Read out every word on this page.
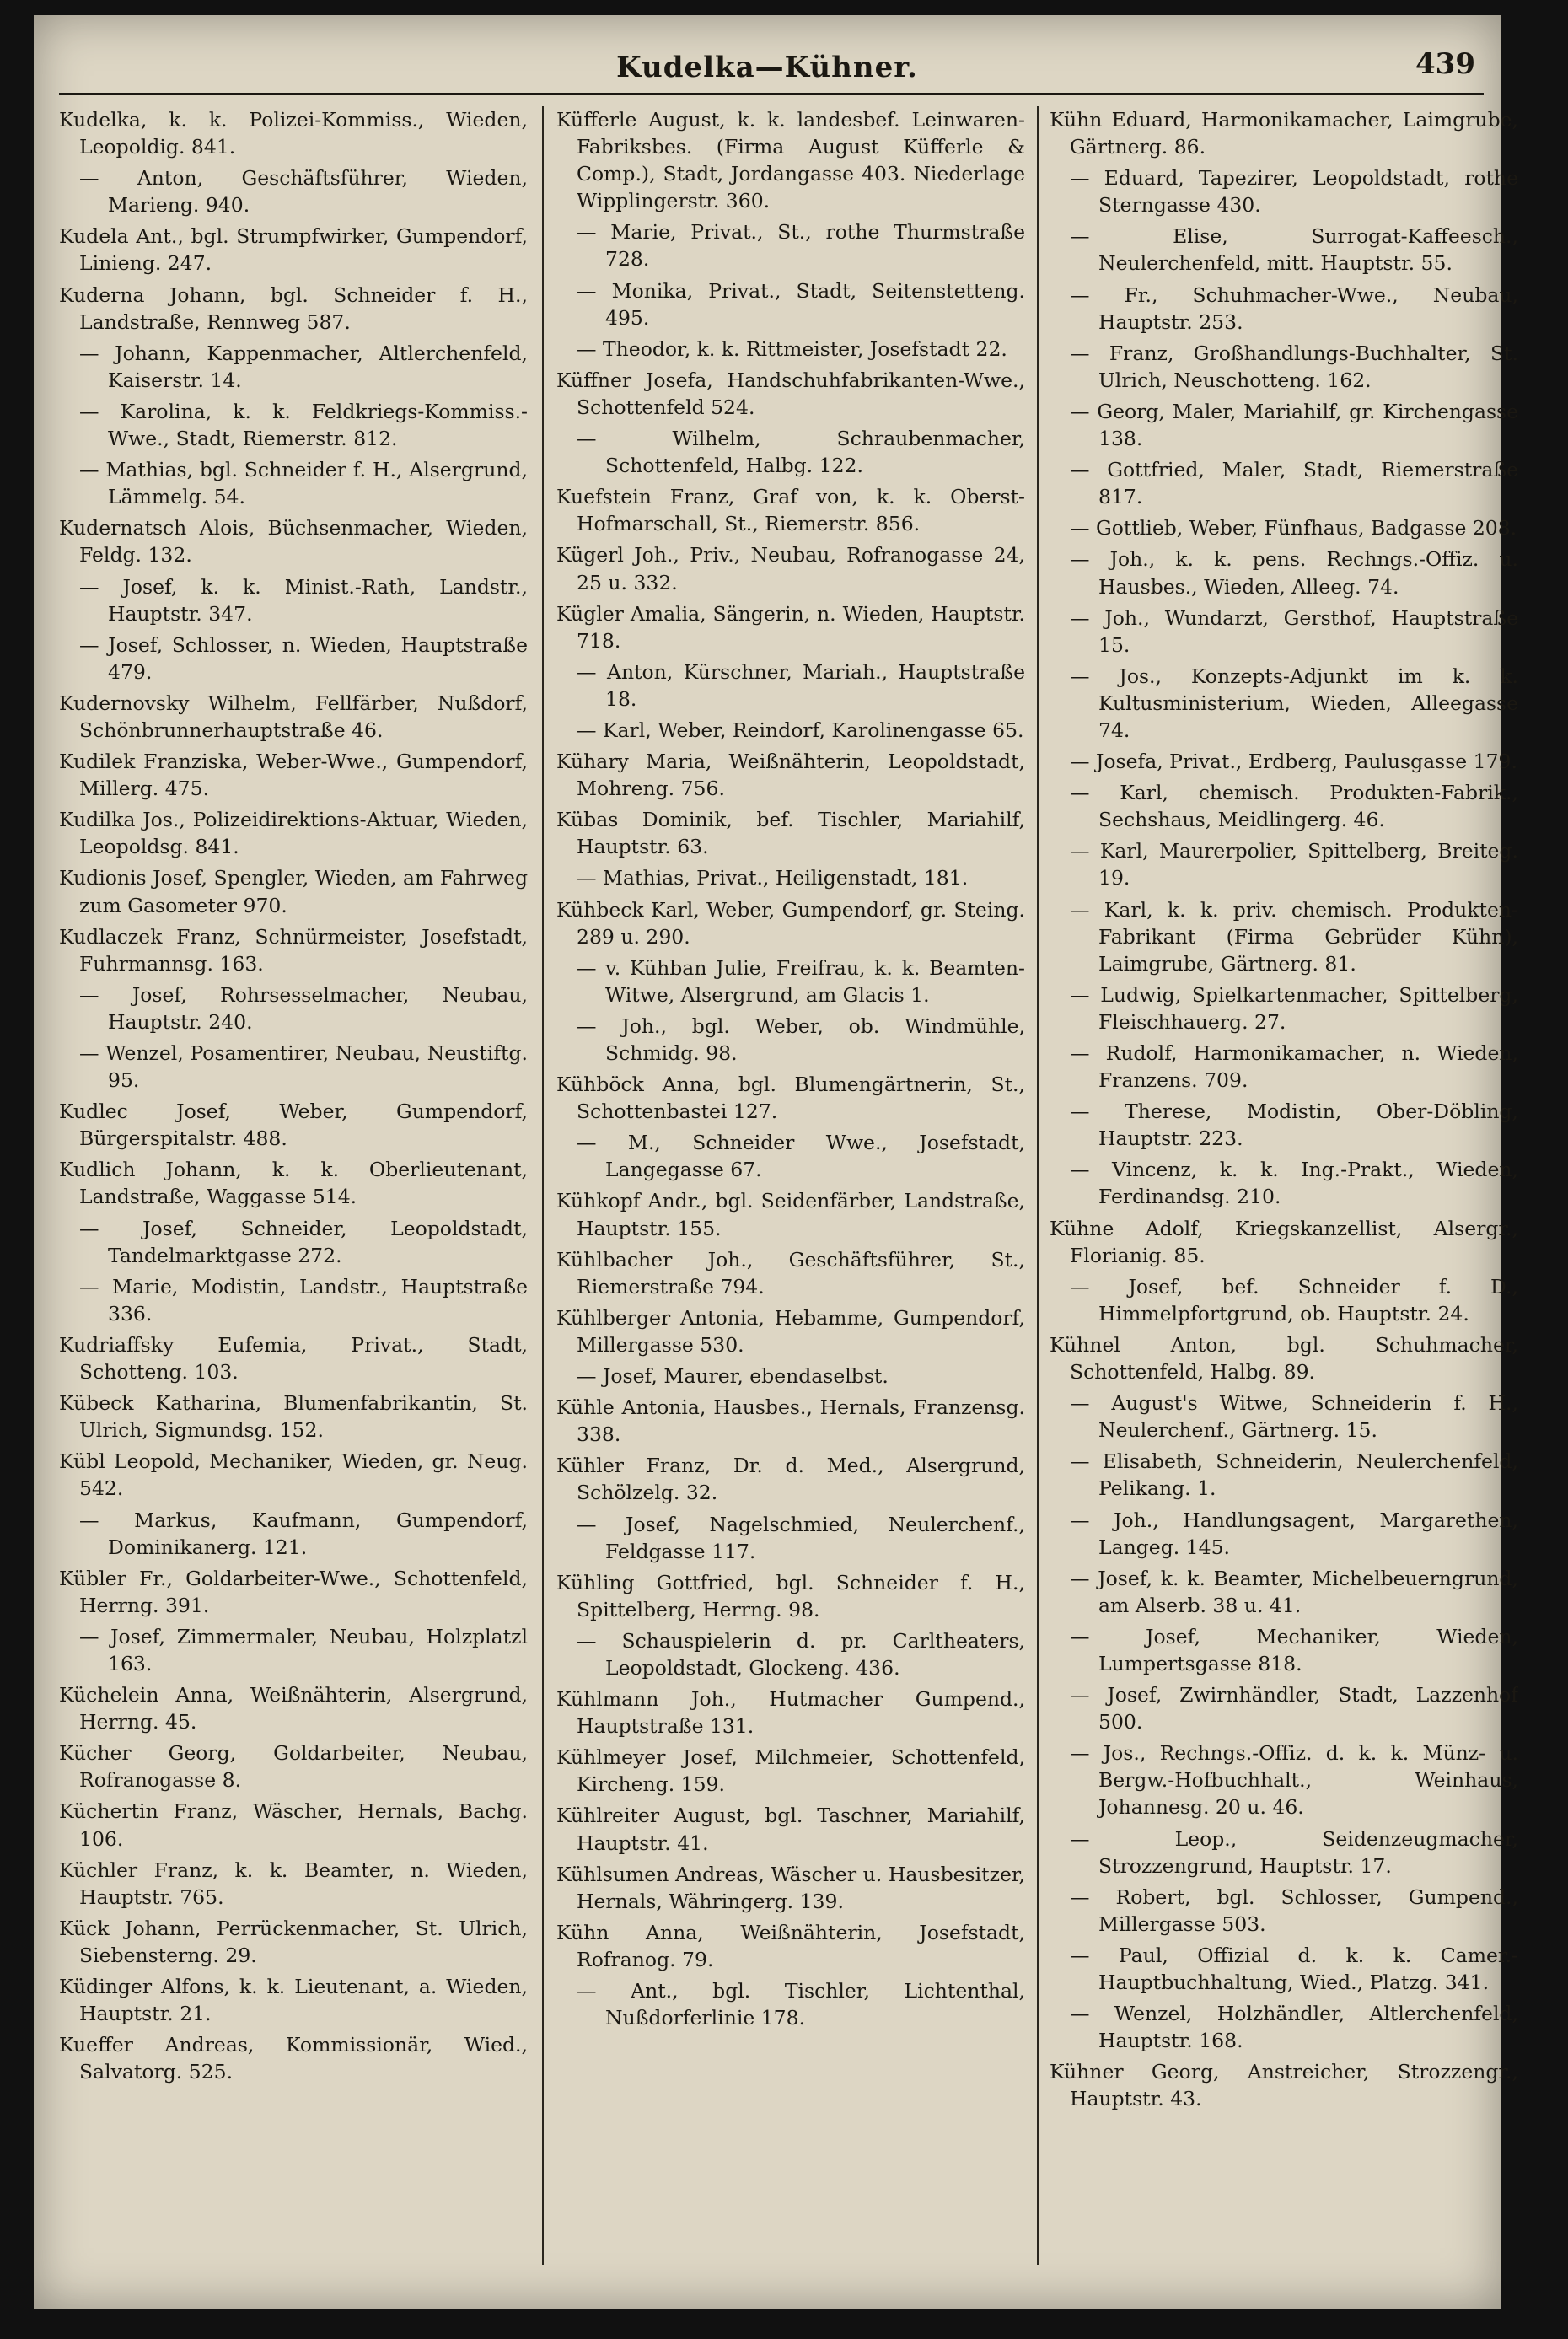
Kudelka—Kühner.	439

Kudelka, k. k. Polizei-Kommiss., Wieden, Leopoldig. 841.

— Anton, Geschäftsführer, Wieden, Marieng. 940.

Kudela Ant., bgl. Strumpfwirker, Gumpendorf, Linieng. 247.

Kuderna Johann, bgl. Schneider f. H., Landstraße, Rennweg 587.

— Johann, Kappenmacher, Altlerchenfeld, Kaiserstr. 14.

— Karolina, k. k. Feldkriegs-Kommiss.-Wwe., Stadt, Riemerstr. 812.

— Mathias, bgl. Schneider f. H., Alsergrund, Lämmelg. 54.

Kudernatsch Alois, Büchsenmacher, Wieden, Feldg. 132.

— Josef, k. k. Minist.-Rath, Landstr., Hauptstr. 347.

— Josef, Schlosser, n. Wieden, Hauptstraße 479.

Kudernovsky Wilhelm, Fellfärber, Nußdorf, Schönbrunnerhauptstraße 46.

Kudilek Franziska, Weber-Wwe., Gumpendorf, Millerg. 475.

Kudilka Jos., Polizeidirektions-Aktuar, Wieden, Leopoldsg. 841.

Kudionis Josef, Spengler, Wieden, am Fahrweg zum Gasometer 970.

Kudlaczek Franz, Schnürmeister, Josefstadt, Fuhrmannsg. 163.

— Josef, Rohrsesselmacher, Neubau, Hauptstr. 240.

— Wenzel, Posamentirer, Neubau, Neustiftg. 95.

Kudlec Josef, Weber, Gumpendorf, Bürgerspitalstr. 488.

Kudlich Johann, k. k. Oberlieutenant, Landstraße, Waggasse 514.

— Josef, Schneider, Leopoldstadt, Tandelmarktgasse 272.

— Marie, Modistin, Landstr., Hauptstraße 336.

Kudriaffsky Eufemia, Privat., Stadt, Schotteng. 103.

Kübeck Katharina, Blumenfabrikantin, St. Ulrich, Sigmundsg. 152.

Kübl Leopold, Mechaniker, Wieden, gr. Neug. 542.

— Markus, Kaufmann, Gumpendorf, Dominikanerg. 121.

Kübler Fr., Goldarbeiter-Wwe., Schottenfeld, Herrng. 391.

— Josef, Zimmermaler, Neubau, Holzplatzl 163.

Küchelein Anna, Weißnähterin, Alsergrund, Herrng. 45.

Kücher Georg, Goldarbeiter, Neubau, Rofranogasse 8.

Küchertin Franz, Wäscher, Hernals, Bachg. 106.

Küchler Franz, k. k. Beamter, n. Wieden, Hauptstr. 765.

Kück Johann, Perrückenmacher, St. Ulrich, Siebensterng. 29.

Küdinger Alfons, k. k. Lieutenant, a. Wieden, Hauptstr. 21.

Kueffer Andreas, Kommissionär, Wied., Salvatorg. 525.

Küfferle August, k. k. landesbef. Leinwaren-Fabriksbes. (Firma August Küfferle & Comp.), Stadt, Jordangasse 403. Niederlage Wipplingerstr. 360.

— Marie, Privat., St., rothe Thurmstraße 728.

— Monika, Privat., Stadt, Seitenstetteng. 495.

— Theodor, k. k. Rittmeister, Josefstadt 22.

Küffner Josefa, Handschuhfabrikanten-Wwe., Schottenfeld 524.

— Wilhelm, Schraubenmacher, Schottenfeld, Halbg. 122.

Kuefstein Franz, Graf von, k. k. Oberst-Hofmarschall, St., Riemerstr. 856.

Kügerl Joh., Priv., Neubau, Rofranogasse 24, 25 u. 332.

Kügler Amalia, Sängerin, n. Wieden, Hauptstr. 718.

— Anton, Kürschner, Mariah., Hauptstraße 18.

— Karl, Weber, Reindorf, Karolinengasse 65.

Kühary Maria, Weißnähterin, Leopoldstadt, Mohreng. 756.

Kübas Dominik, bef. Tischler, Mariahilf, Hauptstr. 63.

— Mathias, Privat., Heiligenstadt, 181.

Kühbeck Karl, Weber, Gumpendorf, gr. Steing. 289 u. 290.

— v. Kühban Julie, Freifrau, k. k. Beamten-Witwe, Alsergrund, am Glacis 1.

— Joh., bgl. Weber, ob. Windmühle, Schmidg. 98.

Kühböck Anna, bgl. Blumengärtnerin, St., Schottenbastei 127.

— M., Schneider Wwe., Josefstadt, Langegasse 67.

Kühkopf Andr., bgl. Seidenfärber, Landstraße, Hauptstr. 155.

Kühlbacher Joh., Geschäftsführer, St., Riemerstraße 794.

Kühlberger Antonia, Hebamme, Gumpendorf, Millergasse 530.

— Josef, Maurer, ebendaselbst.

Kühle Antonia, Hausbes., Hernals, Franzensg. 338.

Kühler Franz, Dr. d. Med., Alsergrund, Schölzelg. 32.

— Josef, Nagelschmied, Neulerchenf., Feldgasse 117.

Kühling Gottfried, bgl. Schneider f. H., Spittelberg, Herrng. 98.

— Schauspielerin d. pr. Carltheaters, Leopoldstadt, Glockeng. 436.

Kühlmann Joh., Hutmacher Gumpend., Hauptstraße 131.

Kühlmeyer Josef, Milchmeier, Schottenfeld, Kircheng. 159.

Kühlreiter August, bgl. Taschner, Mariahilf, Hauptstr. 41.

Kühlsumen Andreas, Wäscher u. Hausbesitzer, Hernals, Währingerg. 139.

Kühn Anna, Weißnähterin, Josefstadt, Rofranog. 79.

— Ant., bgl. Tischler, Lichtenthal, Nußdorferlinie 178.

Kühn Eduard, Harmonikamacher, Laimgrube, Gärtnerg. 86.

— Eduard, Tapezirer, Leopoldstadt, rothe Sterngasse 430.

— Elise, Surrogat-Kaffeesch., Neulerchenfeld, mitt. Hauptstr. 55.

— Fr., Schuhmacher-Wwe., Neubau, Hauptstr. 253.

— Franz, Großhandlungs-Buchhalter, St. Ulrich, Neuschotteng. 162.

— Georg, Maler, Mariahilf, gr. Kirchengasse 138.

— Gottfried, Maler, Stadt, Riemerstraße 817.

— Gottlieb, Weber, Fünfhaus, Badgasse 208.

— Joh., k. k. pens. Rechngs.-Offiz. u. Hausbes., Wieden, Alleeg. 74.

— Joh., Wundarzt, Gersthof, Hauptstraße 15.

— Jos., Konzepts-Adjunkt im k. k. Kultusministerium, Wieden, Alleegasse 74.

— Josefa, Privat., Erdberg, Paulusgasse 179.

— Karl, chemisch. Produkten-Fabrik., Sechshaus, Meidlingerg. 46.

— Karl, Maurerpolier, Spittelberg, Breiteg. 19.

— Karl, k. k. priv. chemisch. Produkten-Fabrikant (Firma Gebrüder Kühn), Laimgrube, Gärtnerg. 81.

— Ludwig, Spielkartenmacher, Spittelberg, Fleischhauerg. 27.

— Rudolf, Harmonikamacher, n. Wieden, Franzens. 709.

— Therese, Modistin, Ober-Döbling, Hauptstr. 223.

— Vincenz, k. k. Ing.-Prakt., Wieden, Ferdinandsg. 210.

Kühne Adolf, Kriegskanzellist, Alsergr., Florianig. 85.

— Josef, bef. Schneider f. D., Himmelpfortgrund, ob. Hauptstr. 24.

Kühnel Anton, bgl. Schuhmacher, Schottenfeld, Halbg. 89.

— August's Witwe, Schneiderin f. H., Neulerchenf., Gärtnerg. 15.

— Elisabeth, Schneiderin, Neulerchenfeld, Pelikang. 1.

— Joh., Handlungsagent, Margarethen, Langeg. 145.

— Josef, k. k. Beamter, Michelbeuerngrund, am Alserb. 38 u. 41.

— Josef, Mechaniker, Wieden, Lumpertsgasse 818.

— Josef, Zwirnhändler, Stadt, Lazzenhof 500.

— Jos., Rechngs.-Offiz. d. k. k. Münz- u. Bergw.-Hofbuchhalt., Weinhaus, Johannesg. 20 u. 46.

— Leop., Seidenzeugmacher, Strozzengrund, Hauptstr. 17.

— Robert, bgl. Schlosser, Gumpend., Millergasse 503.

— Paul, Offizial d. k. k. Camer.-Hauptbuchhaltung, Wied., Platzg. 341.

— Wenzel, Holzhändler, Altlerchenfeld, Hauptstr. 168.

Kühner Georg, Anstreicher, Strozzengr., Hauptstr. 43.
